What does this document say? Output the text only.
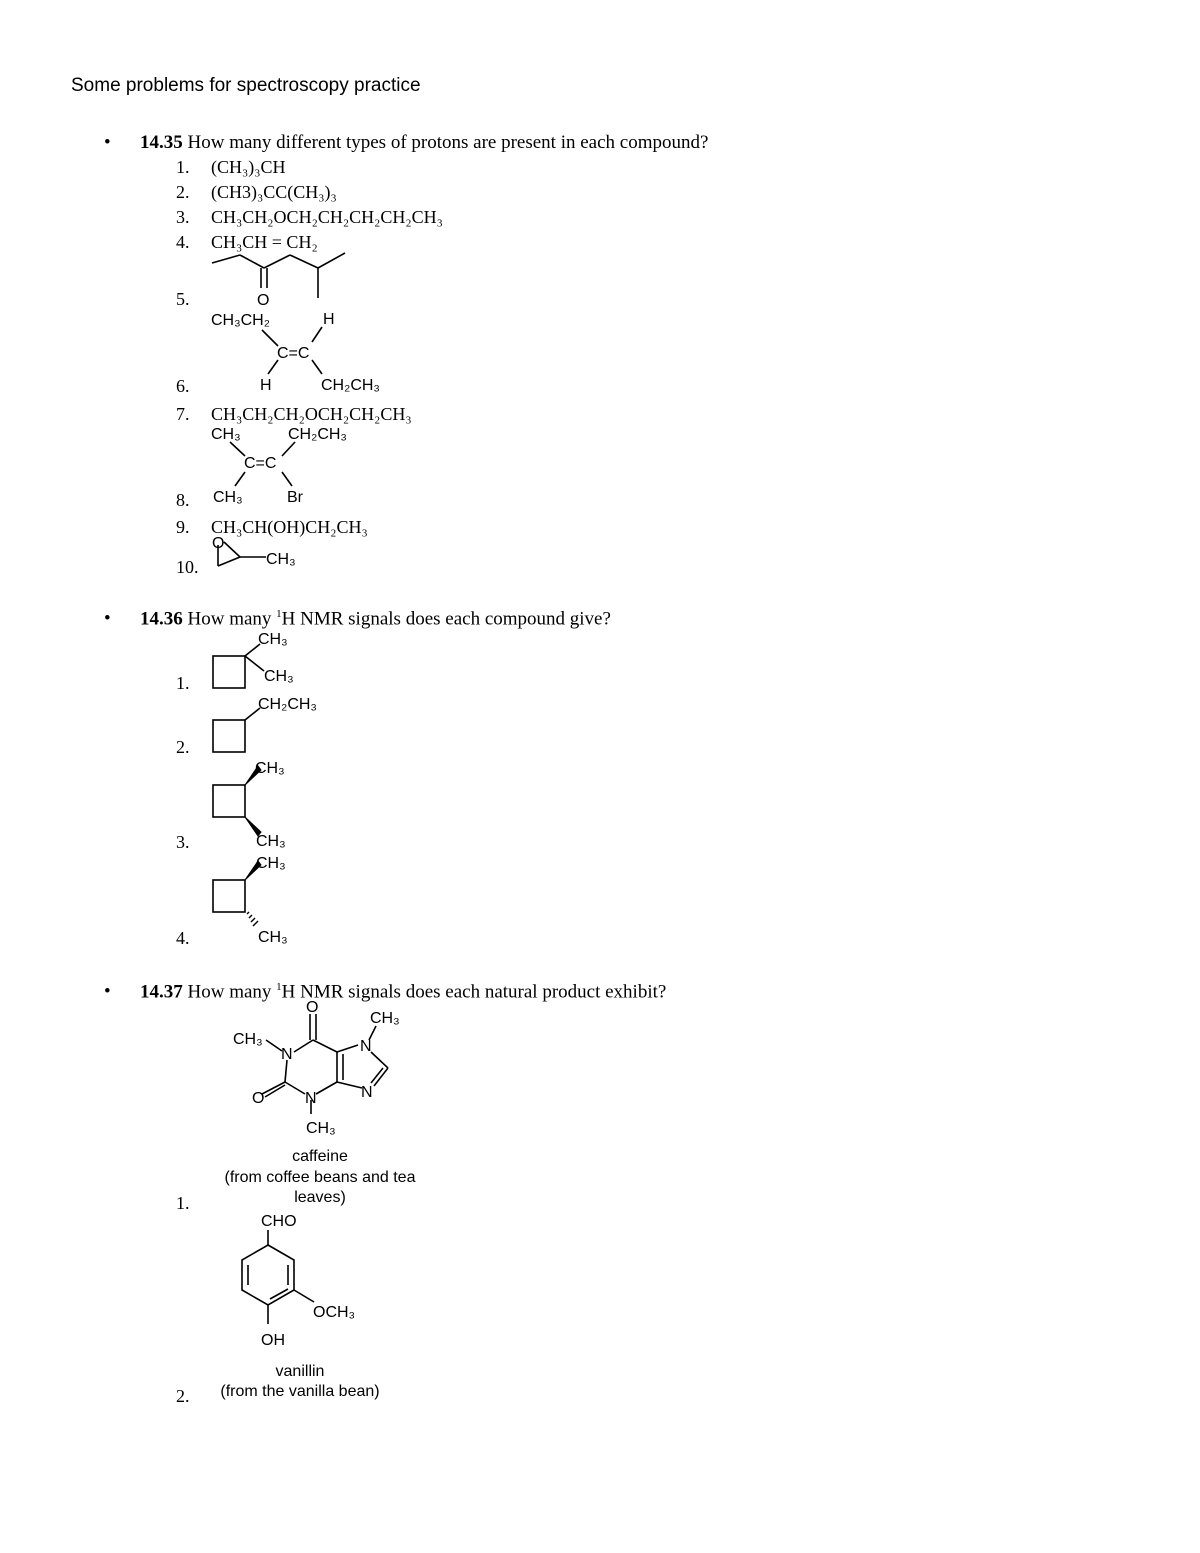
Some problems for spectroscopy practice
• 14.35 How many different types of protons are present in each compound?
1. (CH₃)₃CH
2. (CH3)₃CC(CH₃)₃
3. CH₃CH₂OCH₂CH₂CH₂CH₂CH₃
4. CH₃CH = CH₂
5.
6.
7. CH₃CH₂CH₂OCH₂CH₂CH₃
8.
9. CH₃CH(OH)CH₂CH₃
10.
• 14.36 How many $^1$H NMR signals does each compound give?
1.
2.
3.
4.
• 14.37 How many $^1$H NMR signals does each natural product exhibit?
1.
2.
O
CH₃CH₂	H
C=C
H	CH₂CH₃
CH₃	CH₂CH₃
C=C
CH₃	Br
O
CH₃
CH₃
CH₃
CH₂CH₃
CH₃
CH₃
CH₃
CH₃
O
CH₃
CH₃
N	N
N
N
O
CH₃
CHO
OCH₃
OH
caffeine
(from coffee beans and tea
leaves)
vanillin
(from the vanilla bean)
